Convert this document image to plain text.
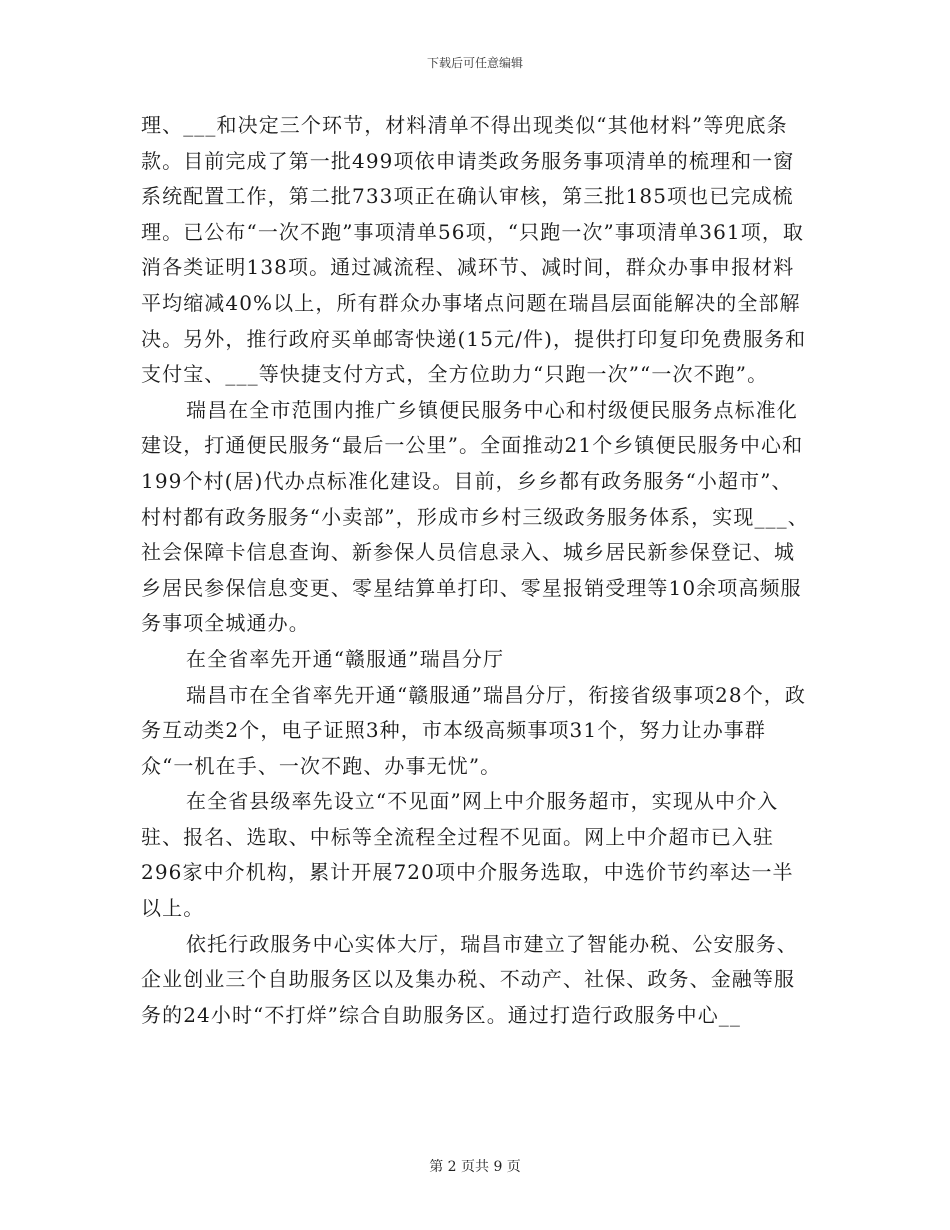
下载后可任意编辑

理、___和决定三个环节，材料清单不得出现类似“其他材料”等兜底条款。目前完成了第一批499项依申请类政务服务事项清单的梳理和一窗系统配置工作，第二批733项正在确认审核，第三批185项也已完成梳理。已公布“一次不跑”事项清单56项，“只跑一次”事项清单361项，取消各类证明138项。通过减流程、减环节、减时间，群众办事申报材料平均缩减40%以上，所有群众办事堵点问题在瑞昌层面能解决的全部解决。另外，推行政府买单邮寄快递(15元/件)，提供打印复印免费服务和支付宝、___等快捷支付方式，全方位助力“只跑一次”“一次不跑”。

瑞昌在全市范围内推广乡镇便民服务中心和村级便民服务点标准化建设，打通便民服务“最后一公里”。全面推动21个乡镇便民服务中心和199个村(居)代办点标准化建设。目前，乡乡都有政务服务“小超市”、村村都有政务服务“小卖部”，形成市乡村三级政务服务体系，实现___、社会保障卡信息查询、新参保人员信息录入、城乡居民新参保登记、城乡居民参保信息变更、零星结算单打印、零星报销受理等10余项高频服务事项全城通办。

在全省率先开通“赣服通”瑞昌分厅

瑞昌市在全省率先开通“赣服通”瑞昌分厅，衔接省级事项28个，政务互动类2个，电子证照3种，市本级高频事项31个，努力让办事群众“一机在手、一次不跑、办事无忧”。

在全省县级率先设立“不见面”网上中介服务超市，实现从中介入驻、报名、选取、中标等全流程全过程不见面。网上中介超市已入驻296家中介机构，累计开展720项中介服务选取，中选价节约率达一半以上。

依托行政服务中心实体大厅，瑞昌市建立了智能办税、公安服务、企业创业三个自助服务区以及集办税、不动产、社保、政务、金融等服务的24小时“不打烊”综合自助服务区。通过打造行政服务中心__

第 2 页共 9 页
